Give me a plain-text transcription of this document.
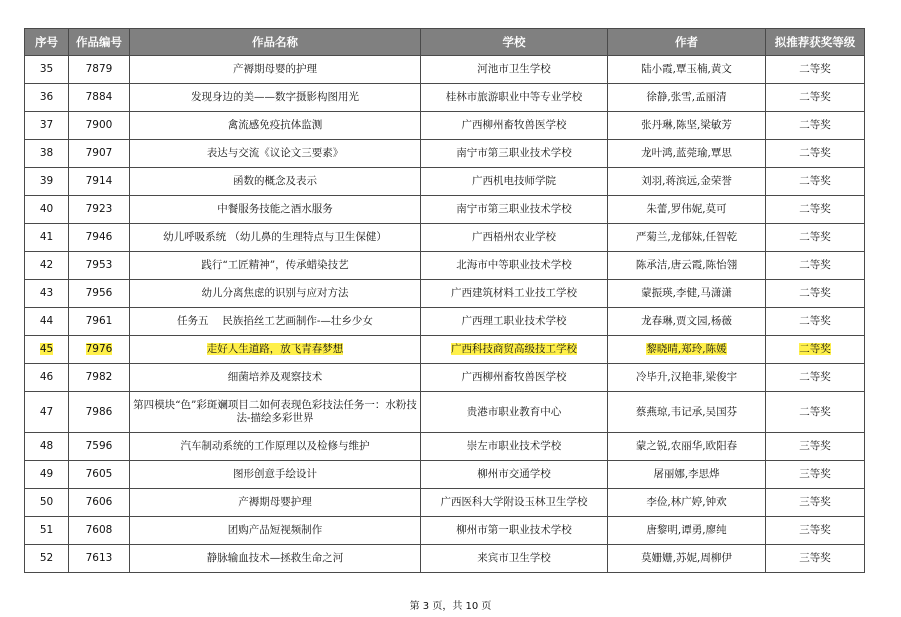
序号	作品编号	作品名称	学校	作者	拟推荐获奖等级
35	7879	产褥期母婴的护理	河池市卫生学校	陆小霞,覃玉楠,黄文	二等奖
36	7884	发现身边的美——数字摄影构图用光	桂林市旅游职业中等专业学校	徐静,张雪,孟丽清	二等奖
37	7900	禽流感免疫抗体监测	广西柳州畜牧兽医学校	张丹琳,陈坚,梁敏芳	二等奖
38	7907	表达与交流《议论文三要素》	南宁市第三职业技术学校	龙叶鸿,蓝莞瑜,覃思	二等奖
39	7914	函数的概念及表示	广西机电技师学院	刘羽,蒋滨远,金荣誉	二等奖
40	7923	中餐服务技能之酒水服务	南宁市第三职业技术学校	朱蕾,罗伟妮,莫可	二等奖
41	7946	幼儿呼吸系统 （幼儿鼻的生理特点与卫生保健）	广西梧州农业学校	严菊兰,龙郁妹,任智乾	二等奖
42	7953	践行“工匠精神”，传承蜡染技艺	北海市中等职业技术学校	陈承洁,唐云霞,陈怡翎	二等奖
43	7956	幼儿分离焦虑的识别与应对方法	广西建筑材料工业技工学校	蒙振瑛,李健,马潇潇	二等奖
44	7961	任务五　 民族掐丝工艺画制作-—壮乡少女	广西理工职业技术学校	龙春琳,贾文园,杨薇	二等奖
45	7976	走好人生道路，放飞青春梦想	广西科技商贸高级技工学校	黎晓晴,郑玲,陈媛	二等奖
46	7982	细菌培养及观察技术	广西柳州畜牧兽医学校	冷毕升,汉艳菲,梁俊宇	二等奖
47	7986	第四模块“色”彩斑斓项目二如何表现色彩技法任务一：水粉技法-描绘多彩世界	贵港市职业教育中心	蔡燕琼,韦记承,吴国芬	二等奖
48	7596	汽车制动系统的工作原理以及检修与维护	崇左市职业技术学校	蒙之锐,农丽华,欧阳春	三等奖
49	7605	图形创意手绘设计	柳州市交通学校	屠丽娜,李思烨	三等奖
50	7606	产褥期母婴护理	广西医科大学附设玉林卫生学校	李俭,林广婷,钟欢	三等奖
51	7608	团购产品短视频制作	柳州市第一职业技术学校	唐黎明,谭勇,廖纯	三等奖
52	7613	静脉输血技术—拯救生命之河	来宾市卫生学校	莫姗姗,苏妮,周柳伊	三等奖
第 3 页，共 10 页
